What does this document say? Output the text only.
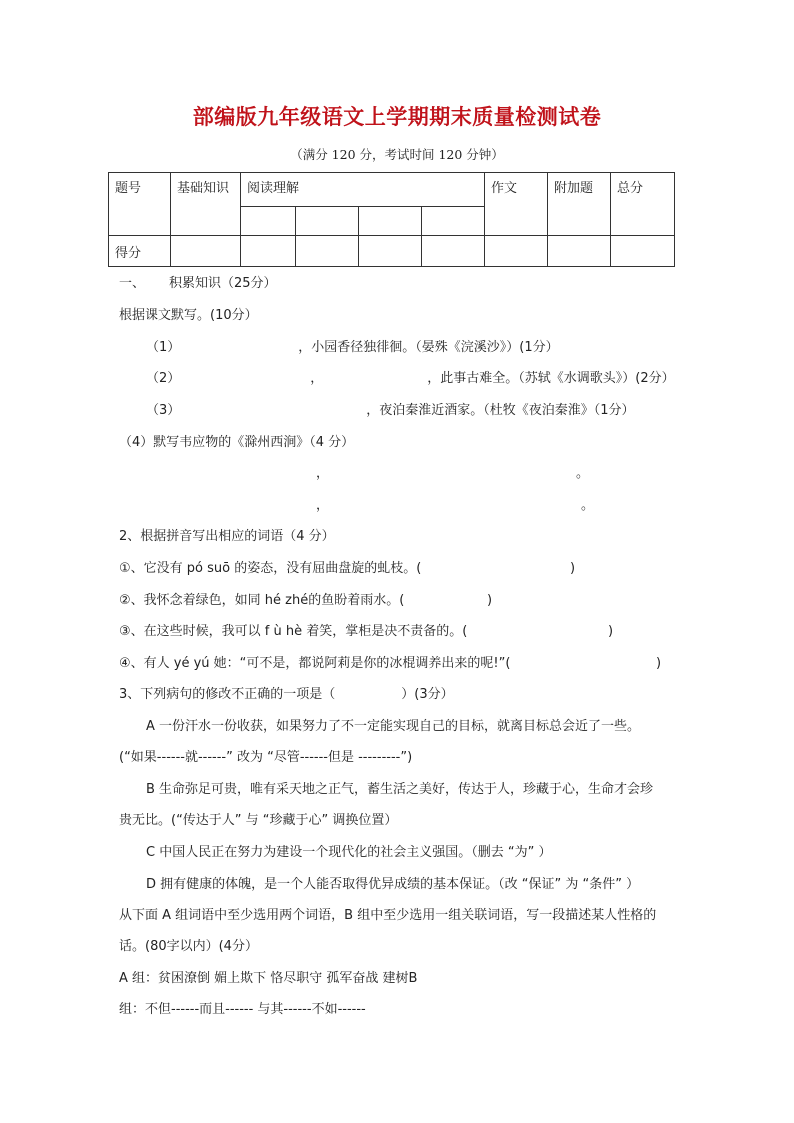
部编版九年级语文上学期期末质量检测试卷
（满分 120 分，考试时间 120 分钟）
题号	基础知识	阅读理解				作文	附加题	总分

得分								
一、 积累知识（25分）
根据课文默写。(10分）
（1）	，小园香径独徘徊。（晏殊《浣溪沙》）(1分）
（2）	，	，此事古难全。（苏轼《水调歌头》）(2分）
（3）	，夜泊秦淮近酒家。（杜牧《夜泊秦淮》（1分）
（4）默写韦应物的《滁州西涧》（4 分）
，	。
，	。
2、根据拼音写出相应的词语（4 分）
①、它没有 pó suō 的姿态，没有屈曲盘旋的虬枝。(	)
②、我怀念着绿色，如同 hé zhé的鱼盼着雨水。(	)
③、在这些时候，我可以 f ù hè 着笑，掌柜是决不责备的。(	)
④、有人 yé yú 她：“可不是，都说阿莉是你的冰棍调养出来的呢!”(	)
3、下列病句的修改不正确的一项是（	）(3分）
A 一份汗水一份收获，如果努力了不一定能实现自己的目标，就离目标总会近了一些。
(“如果------就------” 改为 “尽管------但是 ---------”)
B 生命弥足可贵，唯有采天地之正气，蓄生活之美好，传达于人，珍藏于心，生命才会珍
贵无比。(“传达于人” 与 “珍藏于心” 调换位置）
C 中国人民正在努力为建设一个现代化的社会主义强国。（删去 “为” ）
D 拥有健康的体魄，是一个人能否取得优异成绩的基本保证。（改 “保证” 为 “条件” ）
从下面 A 组词语中至少选用两个词语，B 组中至少选用一组关联词语，写一段描述某人性格的
话。(80字以内）(4分）
A 组：贫困潦倒 媚上欺下 恪尽职守 孤军奋战 建树B
组：不但------而且------ 与其------不如------
